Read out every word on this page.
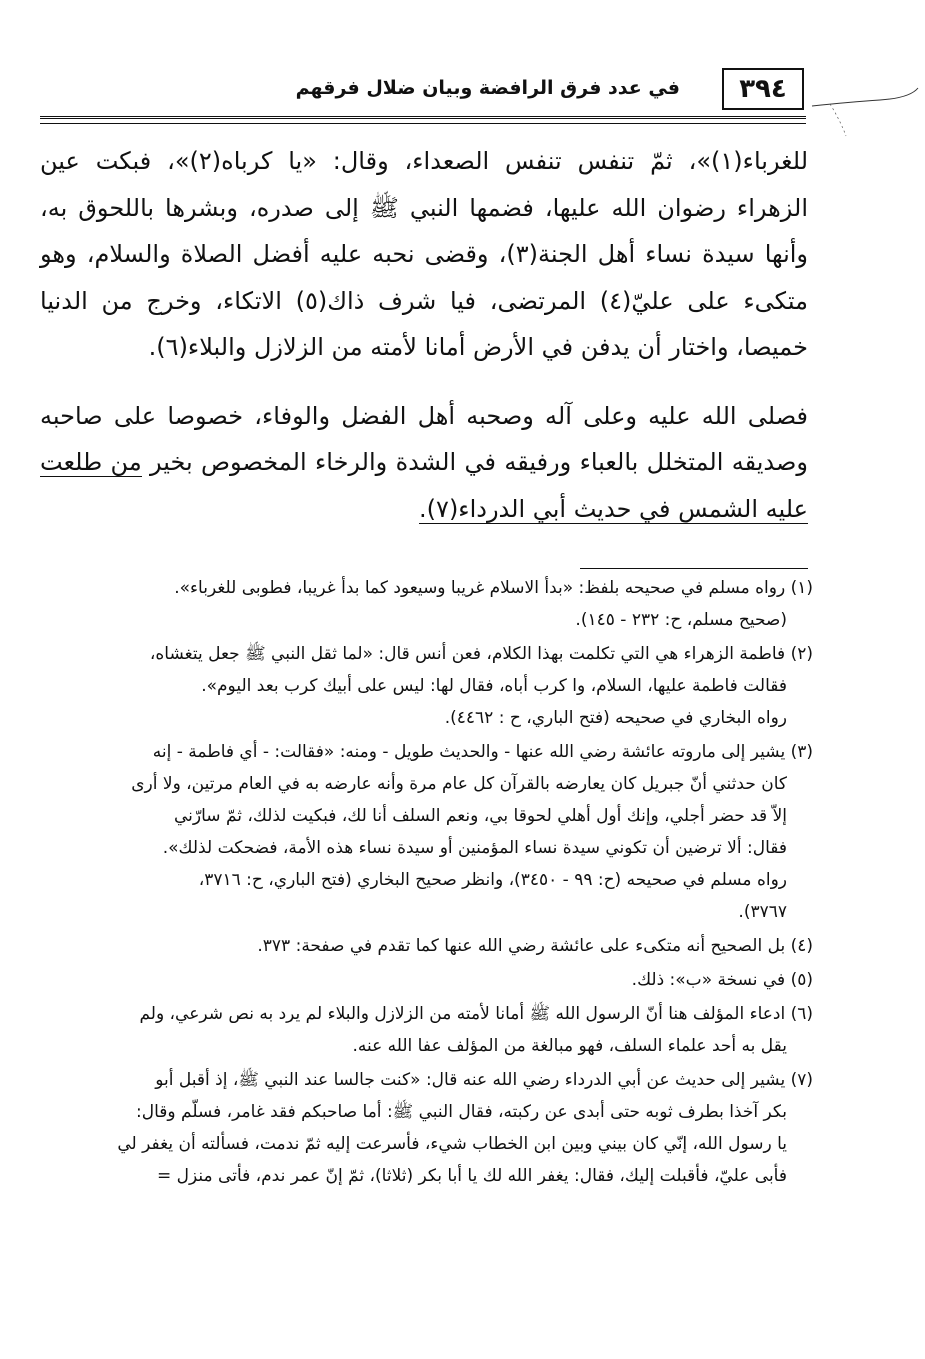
٣٩٤
في عدد فرق الرافضة وبيان ضلال فرقهم

للغرباء(١)»، ثمّ تنفس تنفس الصعداء، وقال: «يا كرباه(٢)»، فبكت عين الزهراء رضوان الله عليها، فضمها النبي ﷺ إلى صدره، وبشرها باللحوق به، وأنها سيدة نساء أهل الجنة(٣)، وقضى نحبه عليه أفضل الصلاة والسلام، وهو متكىء على عليّ(٤) المرتضى، فيا شرف ذاك(٥) الاتكاء، وخرج من الدنيا خميصا، واختار أن يدفن في الأرض أمانا لأمته من الزلازل والبلاء(٦).

فصلى الله عليه وعلى آله وصحبه أهل الفضل والوفاء، خصوصا على صاحبه وصديقه المتخلل بالعباء ورفيقه في الشدة والرخاء المخصوص بخير من طلعت عليه الشمس في حديث أبي الدرداء(٧).

(١) رواه مسلم في صحيحه بلفظ: «بدأ الاسلام غريبا وسيعود كما بدأ غريبا، فطوبى للغرباء».
(صحيح مسلم، ح: ٢٣٢ - ١٤٥).
(٢) فاطمة الزهراء هي التي تكلمت بهذا الكلام، فعن أنس قال: «لما ثقل النبي ﷺ جعل يتغشاه،
فقالت فاطمة عليها، السلام، وا كرب أباه، فقال لها: ليس على أبيك كرب بعد اليوم».
رواه البخاري في صحيحه (فتح الباري، ح : ٤٤٦٢).
(٣) يشير إلى ماروته عائشة رضي الله عنها - والحديث طويل - ومنه: «فقالت: - أي فاطمة - إنه
كان حدثني أنّ جبريل كان يعارضه بالقرآن كل عام مرة وأنه عارضه به في العام مرتين، ولا أرى
إلاّ قد حضر أجلي، وإنك أول أهلي لحوقا بي، ونعم السلف أنا لك، فبكيت لذلك، ثمّ سارّني
فقال: ألا ترضين أن تكوني سيدة نساء المؤمنين أو سيدة نساء هذه الأمة، فضحكت لذلك».
رواه مسلم في صحيحه (ح: ٩٩ - ٣٤٥٠)، وانظر صحيح البخاري (فتح الباري، ح: ٣٧١٦،
٣٧٦٧).
(٤) بل الصحيح أنه متكىء على عائشة رضي الله عنها كما تقدم في صفحة: ٣٧٣.
(٥) في نسخة «ب»: ذلك.
(٦) ادعاء المؤلف هنا أنّ الرسول الله ﷺ أمانا لأمته من الزلازل والبلاء لم يرد به نص شرعي، ولم
يقل به أحد علماء السلف، فهو مبالغة من المؤلف عفا الله عنه.
(٧) يشير إلى حديث عن أبي الدرداء رضي الله عنه قال: «كنت جالسا عند النبي ﷺ، إذ أقبل أبو
بكر آخذا بطرف ثوبه حتى أبدى عن ركبته، فقال النبي ﷺ: أما صاحبكم فقد غامر، فسلّم وقال:
يا رسول الله، إنّي كان بيني وبين ابن الخطاب شيء، فأسرعت إليه ثمّ ندمت، فسألته أن يغفر لي
فأبى عليّ، فأقبلت إليك، فقال: يغفر الله لك يا أبا بكر (ثلاثا)، ثمّ إنّ عمر ندم، فأتى منزل =
